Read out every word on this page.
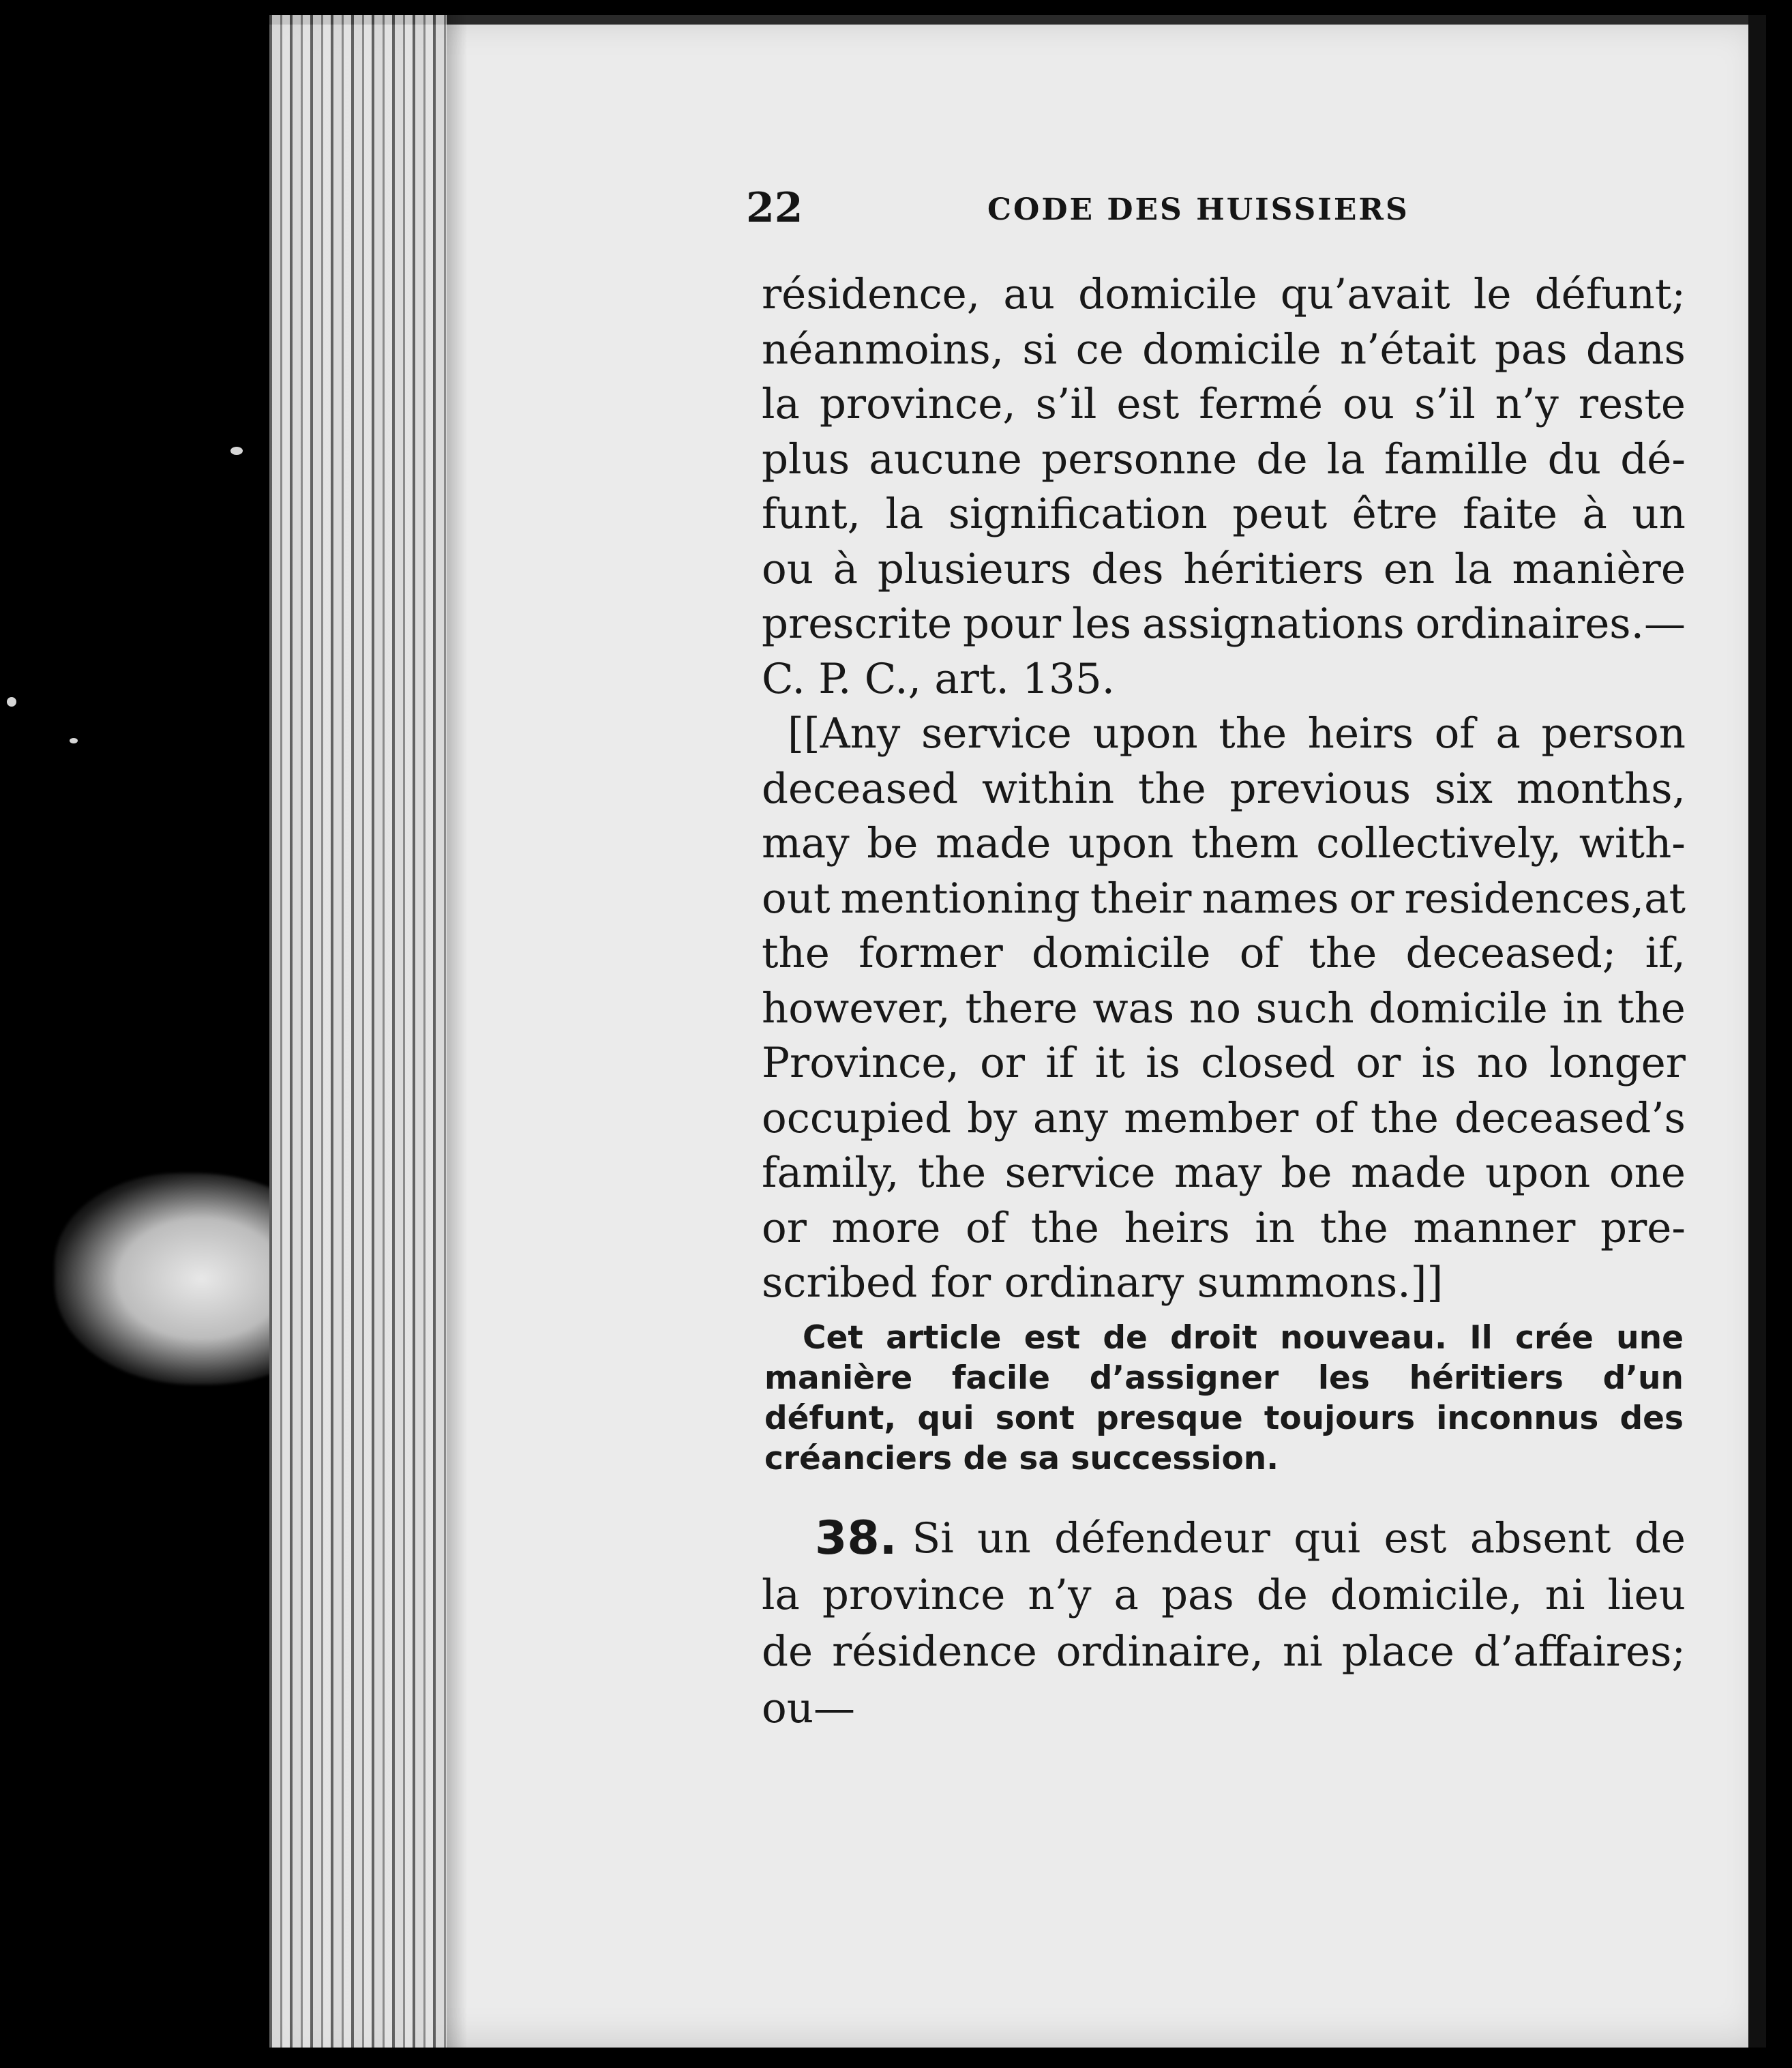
22	CODE DES HUISSIERS
résidence, au domicile qu’avait le défunt;
néanmoins, si ce domicile n’était pas dans
la province, s’il est fermé ou s’il n’y reste
plus aucune personne de la famille du dé-
funt, la signification peut être faite à un
ou à plusieurs des héritiers en la manière
prescrite pour les assignations ordinaires.—
C. P. C., art. 135.
[[Any service upon the heirs of a person
deceased within the previous six months,
may be made upon them collectively, with-
out mentioning their names or residences,at
the former domicile of the deceased; if,
however, there was no such domicile in the
Province, or if it is closed or is no longer
occupied by any member of the deceased’s
family, the service may be made upon one
or more of the heirs in the manner pre-
scribed for ordinary summons.]]
Cet article est de droit nouveau. Il crée une
manière facile d’assigner les héritiers d’un
défunt, qui sont presque toujours inconnus des
créanciers de sa succession.
38. Si un défendeur qui est absent de
la province n’y a pas de domicile, ni lieu
de résidence ordinaire, ni place d’affaires;
ou—
